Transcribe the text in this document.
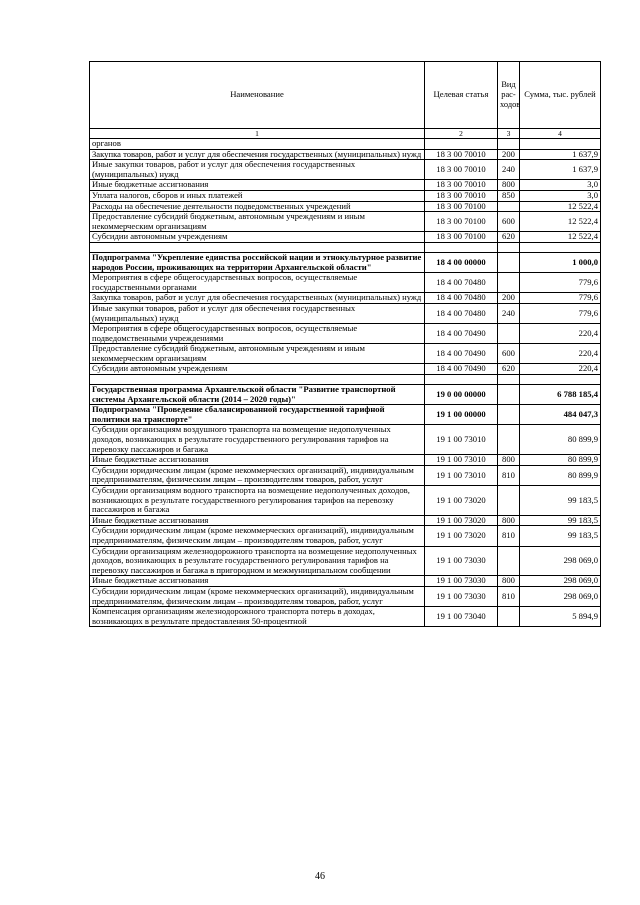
Наименование	Целевая статья	Вид рас-ходов	Сумма, тыс. рублей
1	2	3	4
органов			
Закупка товаров, работ и услуг для обеспечения государственных (муниципальных) нужд	18 3 00 70010	200	1 637,9
Иные закупки товаров, работ и услуг для обеспечения государственных (муниципальных) нужд	18 3 00 70010	240	1 637,9
Иные бюджетные ассигнования	18 3 00 70010	800	3,0
Уплата налогов, сборов и иных платежей	18 3 00 70010	850	3,0
Расходы на обеспечение деятельности подведомственных учреждений	18 3 00 70100		12 522,4
Предоставление субсидий бюджетным, автономным учреждениям и иным некоммерческим организациям	18 3 00 70100	600	12 522,4
Субсидии автономным учреждениям	18 3 00 70100	620	12 522,4

Подпрограмма "Укрепление единства российской нации и этнокультурное развитие народов России, проживающих на территории Архангельской области"	18 4 00 00000		1 000,0
Мероприятия в сфере общегосударственных вопросов, осуществляемые государственными органами	18 4 00 70480		779,6
Закупка товаров, работ и услуг для обеспечения государственных (муниципальных) нужд	18 4 00 70480	200	779,6
Иные закупки товаров, работ и услуг для обеспечения государственных (муниципальных) нужд	18 4 00 70480	240	779,6
Мероприятия в сфере общегосударственных вопросов, осуществляемые подведомственными учреждениями	18 4 00 70490		220,4
Предоставление субсидий бюджетным, автономным учреждениям и иным некоммерческим организациям	18 4 00 70490	600	220,4
Субсидии автономным учреждениям	18 4 00 70490	620	220,4

Государственная программа Архангельской области "Развитие транспортной системы Архангельской области (2014 – 2020 годы)"	19 0 00 00000		6 788 185,4
Подпрограмма "Проведение сбалансированной государственной тарифной политики на транспорте"	19 1 00 00000		484 047,3
Субсидии организациям воздушного транспорта на возмещение недополученных доходов, возникающих в результате государственного регулирования тарифов на перевозку пассажиров и багажа	19 1 00 73010		80 899,9
Иные бюджетные ассигнования	19 1 00 73010	800	80 899,9
Субсидии юридическим лицам (кроме некоммерческих организаций), индивидуальным предпринимателям, физическим лицам – производителям товаров, работ, услуг	19 1 00 73010	810	80 899,9
Субсидии организациям водного транспорта на возмещение недополученных доходов, возникающих в результате государственного регулирования тарифов на перевозку пассажиров и багажа	19 1 00 73020		99 183,5
Иные бюджетные ассигнования	19 1 00 73020	800	99 183,5
Субсидии юридическим лицам (кроме некоммерческих организаций), индивидуальным предпринимателям, физическим лицам – производителям товаров, работ, услуг	19 1 00 73020	810	99 183,5
Субсидии организациям железнодорожного транспорта на возмещение недополученных доходов, возникающих в результате государственного регулирования тарифов на перевозку пассажиров и багажа в пригородном и межмуниципальном сообщении	19 1 00 73030		298 069,0
Иные бюджетные ассигнования	19 1 00 73030	800	298 069,0
Субсидии юридическим лицам (кроме некоммерческих организаций), индивидуальным предпринимателям, физическим лицам – производителям товаров, работ, услуг	19 1 00 73030	810	298 069,0
Компенсация организациям железнодорожного транспорта потерь в доходах, возникающих в результате предоставления 50-процентной	19 1 00 73040		5 894,9
46
